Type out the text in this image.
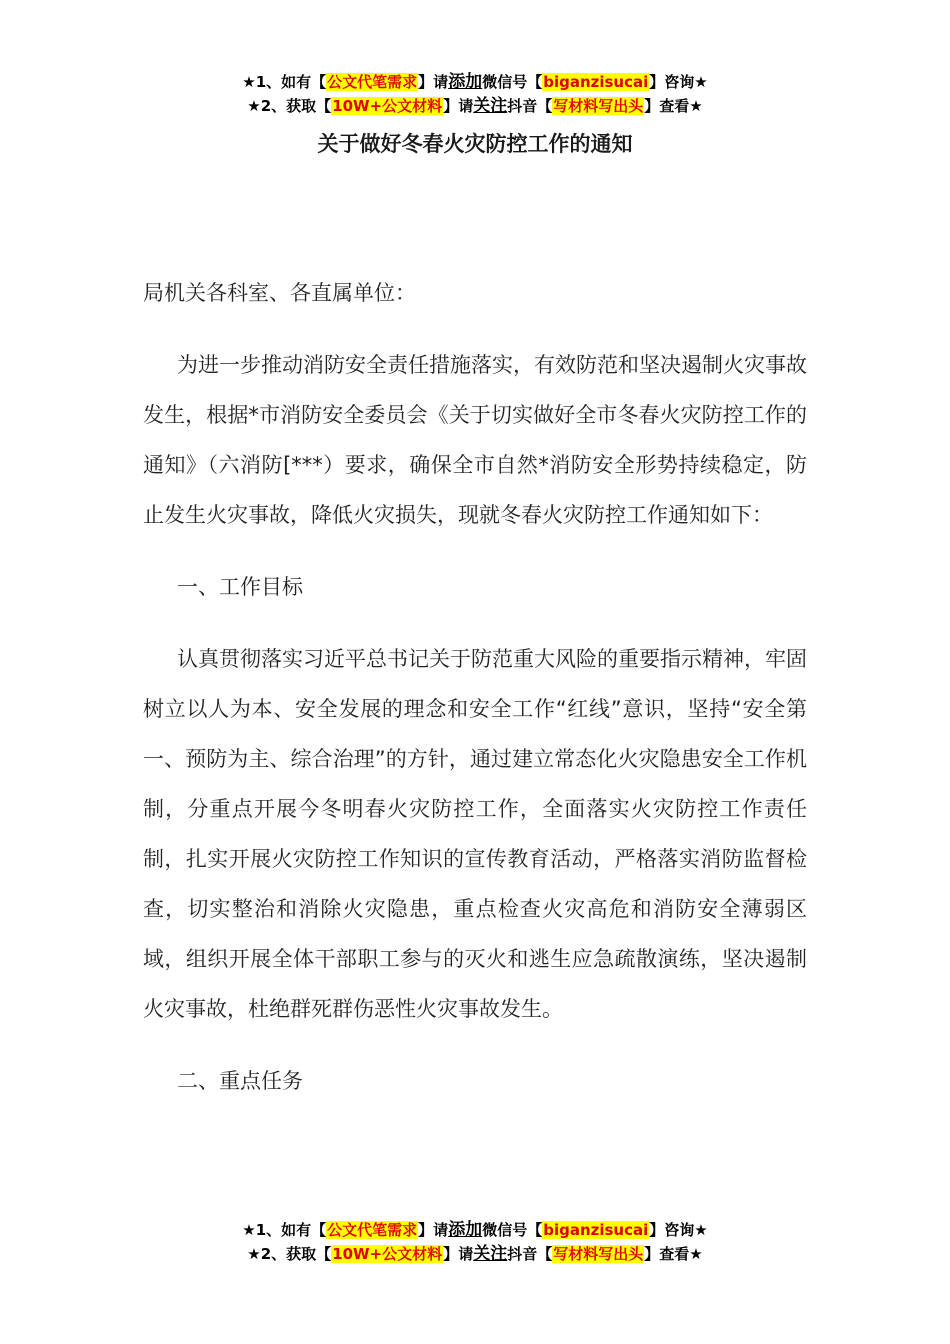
★1、如有【公文代笔需求】请添加微信号【biganzisucai】咨询★
★2、获取【10W+公文材料】请关注抖音【写材料写出头】查看★
关于做好冬春火灾防控工作的通知

局机关各科室、各直属单位：

为进一步推动消防安全责任措施落实，有效防范和坚决遏制火灾事故发生，根据*市消防安全委员会《关于切实做好全市冬春火灾防控工作的通知》（六消防[***）要求，确保全市自然*消防安全形势持续稳定，防止发生火灾事故，降低火灾损失，现就冬春火灾防控工作通知如下：

一、工作目标

认真贯彻落实习近平总书记关于防范重大风险的重要指示精神，牢固树立以人为本、安全发展的理念和安全工作“红线”意识，坚持“安全第一、预防为主、综合治理”的方针，通过建立常态化火灾隐患安全工作机制，分重点开展今冬明春火灾防控工作，全面落实火灾防控工作责任制，扎实开展火灾防控工作知识的宣传教育活动，严格落实消防监督检查，切实整治和消除火灾隐患，重点检查火灾高危和消防安全薄弱区域，组织开展全体干部职工参与的灭火和逃生应急疏散演练，坚决遏制火灾事故，杜绝群死群伤恶性火灾事故发生。

二、重点任务

★1、如有【公文代笔需求】请添加微信号【biganzisucai】咨询★
★2、获取【10W+公文材料】请关注抖音【写材料写出头】查看★
